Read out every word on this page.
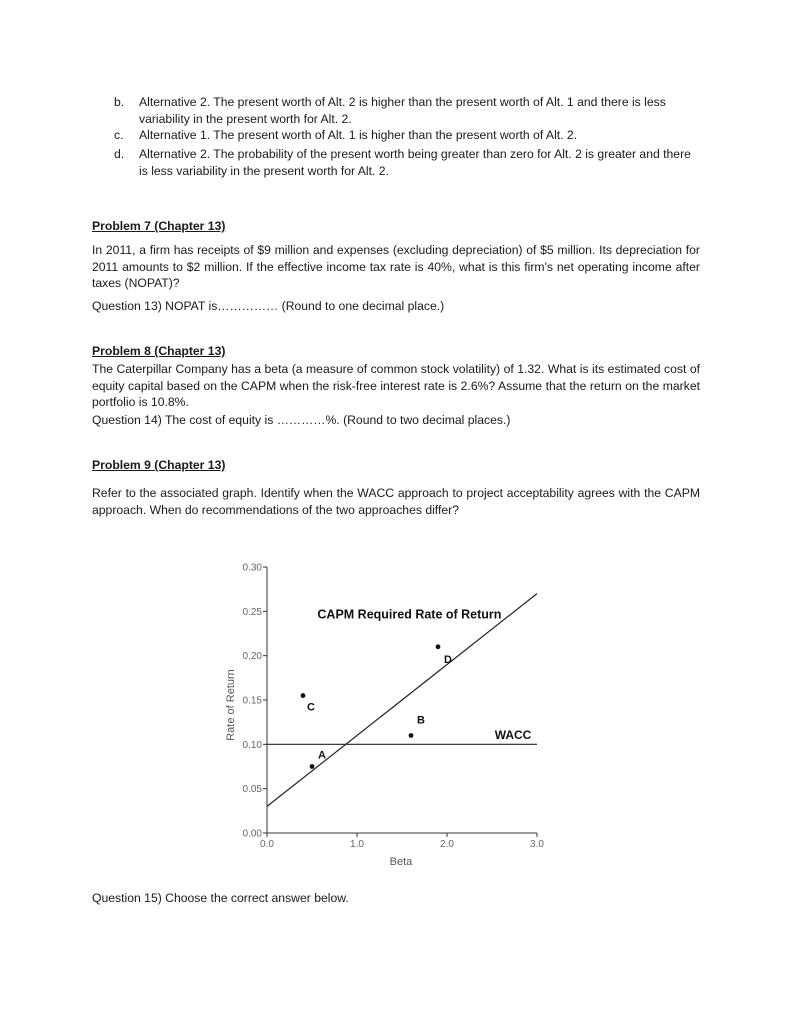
b.	Alternative 2. The present worth of Alt. 2 is higher than the present worth of Alt. 1 and there is less variability in the present worth for Alt. 2.
c.	Alternative 1. The present worth of Alt. 1 is higher than the present worth of Alt. 2.
d.	Alternative 2. The probability of the present worth being greater than zero for Alt. 2 is greater and there is less variability in the present worth for Alt. 2.
Problem 7 (Chapter 13)

In 2011, a firm has receipts of $9 million and expenses (excluding depreciation) of $5 million. Its depreciation for 2011 amounts to $2 million. If the effective income tax rate is 40%, what is this firm's net operating income after taxes (NOPAT)?

Question 13) NOPAT is…………… (Round to one decimal place.)
Problem 8 (Chapter 13)

The Caterpillar Company has a beta (a measure of common stock volatility) of 1.32. What is its estimated cost of equity capital based on the CAPM when the risk-free interest rate is 2.6%? Assume that the return on the market portfolio is 10.8%.

Question 14) The cost of equity is …………%. (Round to two decimal places.)
Problem 9 (Chapter 13)

Refer to the associated graph. Identify when the WACC approach to project acceptability agrees with the CAPM approach. When do recommendations of the two approaches differ?

0.00
0.05
0.10
0.15
0.20
0.25
0.30
0.0	1.0	2.0	3.0
Beta
Rate of Return
CAPM Required Rate of Return
WACC
A
B
C
D
Question 15) Choose the correct answer below.
